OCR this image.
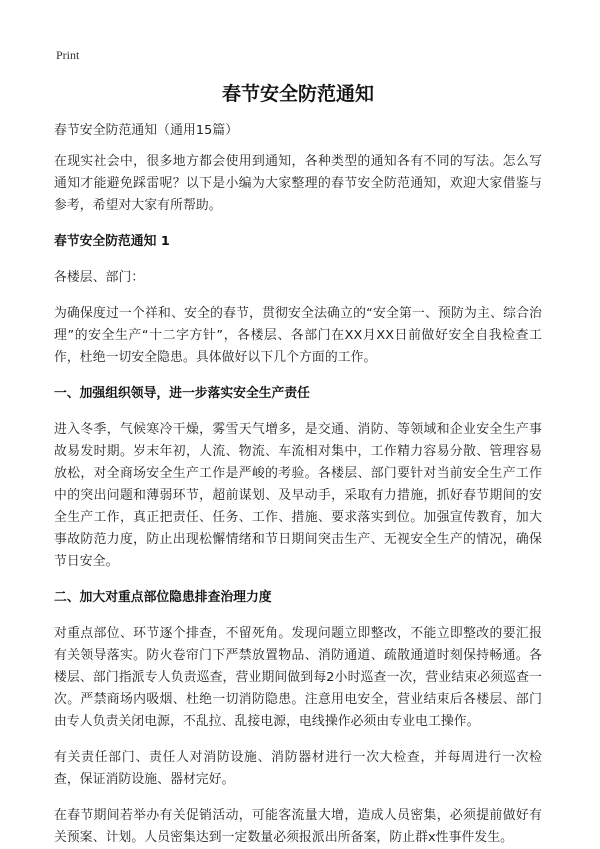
Print
春节安全防范通知
春节安全防范通知（通用15篇）
在现实社会中，很多地方都会使用到通知，各种类型的通知各有不同的写法。怎么写通知才能避免踩雷呢？以下是小编为大家整理的春节安全防范通知，欢迎大家借鉴与参考，希望对大家有所帮助。
春节安全防范通知 1
各楼层、部门：
为确保度过一个祥和、安全的春节，贯彻安全法确立的“安全第一、预防为主、综合治理”的安全生产“十二字方针”，各楼层、各部门在XX月XX日前做好安全自我检查工作，杜绝一切安全隐患。具体做好以下几个方面的工作。
一、加强组织领导，进一步落实安全生产责任
进入冬季，气候寒冷干燥，雾雪天气增多，是交通、消防、等领域和企业安全生产事故易发时期。岁末年初，人流、物流、车流相对集中，工作精力容易分散、管理容易放松，对全商场安全生产工作是严峻的考验。各楼层、部门要针对当前安全生产工作中的突出问题和薄弱环节，超前谋划、及早动手，采取有力措施，抓好春节期间的安全生产工作，真正把责任、任务、工作、措施、要求落实到位。加强宣传教育，加大事故防范力度，防止出现松懈情绪和节日期间突击生产、无视安全生产的情况，确保节日安全。
二、加大对重点部位隐患排查治理力度
对重点部位、环节逐个排查，不留死角。发现问题立即整改，不能立即整改的要汇报有关领导落实。防火卷帘门下严禁放置物品、消防通道、疏散通道时刻保持畅通。各楼层、部门指派专人负责巡查，营业期间做到每2小时巡查一次，营业结束必须巡查一次。严禁商场内吸烟、杜绝一切消防隐患。注意用电安全，营业结束后各楼层、部门由专人负责关闭电源，不乱拉、乱接电源，电线操作必须由专业电工操作。
有关责任部门、责任人对消防设施、消防器材进行一次大检查，并每周进行一次检查，保证消防设施、器材完好。
在春节期间若举办有关促销活动，可能客流量大增，造成人员密集，必须提前做好有关预案、计划。人员密集达到一定数量必须报派出所备案，防止群x性事件发生。
